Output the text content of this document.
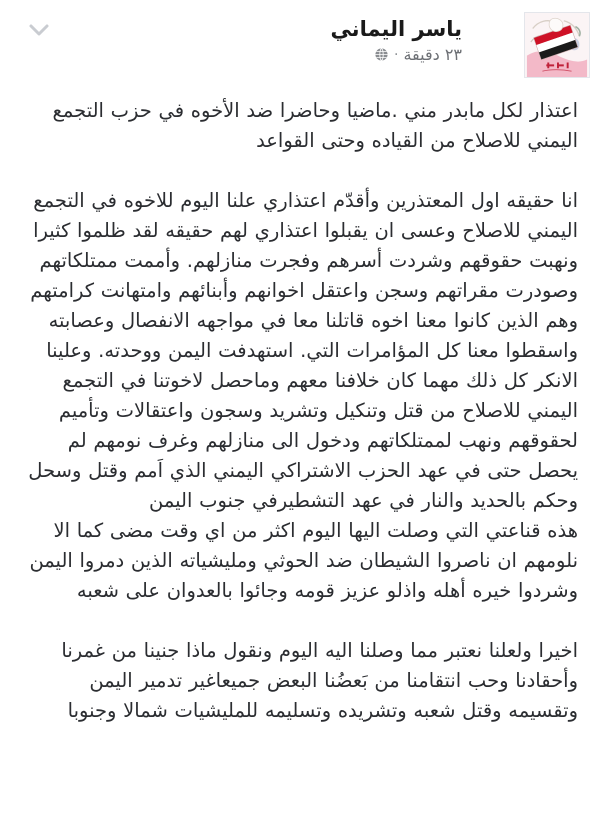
ياسر اليماني
٢٣ دقيقة
·

اعتذار لكل مابدر مني .ماضيا وحاضرا ضد الأخوه في حزب التجمع اليمني للاصلاح من القياده وحتى القواعد

انا حقيقه اول المعتذرين وأقدّم اعتذاري علنا اليوم للاخوه في التجمع اليمني للاصلاح وعسى ان يقبلوا اعتذاري لهم حقيقه لقد ظلموا كثيرا ونهبت حقوقهم وشردت أسرهم وفجرت منازلهم. وأممت ممتلكاتهم وصودرت مقراتهم وسجن واعتقل اخوانهم وأبنائهم وامتهانت كرامتهم وهم الذين كانوا معنا اخوه قاتلنا معا في مواجهه الانفصال وعصابته واسقطوا معنا كل المؤامرات التي. استهدفت اليمن ووحدته. وعلينا الانكر كل ذلك مهما كان خلافنا معهم وماحصل لاخوتنا في التجمع اليمني للاصلاح من قتل وتنكيل وتشريد وسجون واعتقالات وتأميم لحقوقهم ونهب لممتلكاتهم ودخول الى منازلهم وغرف نومهم لم يحصل حتى في عهد الحزب الاشتراكي اليمني الذي اَمم وقتل وسحل وحكم بالحديد والنار في عهد التشطيرفي جنوب اليمن

هذه قناعتي التي وصلت اليها اليوم اكثر من اي وقت مضى كما الا نلومهم ان ناصروا الشيطان ضد الحوثي ومليشياته الذين دمروا اليمن وشردوا خيره أهله واذلو عزيز قومه وجائوا بالعدوان على شعبه

اخيرا ولعلنا نعتبر مما وصلنا اليه اليوم ونقول ماذا جنينا من غمرنا وأحقادنا وحب انتقامنا من بَعضُنا البعض جميعاغير تدمير اليمن وتقسيمه وقتل شعبه وتشريده وتسليمه للمليشيات شمالا وجنوبا
